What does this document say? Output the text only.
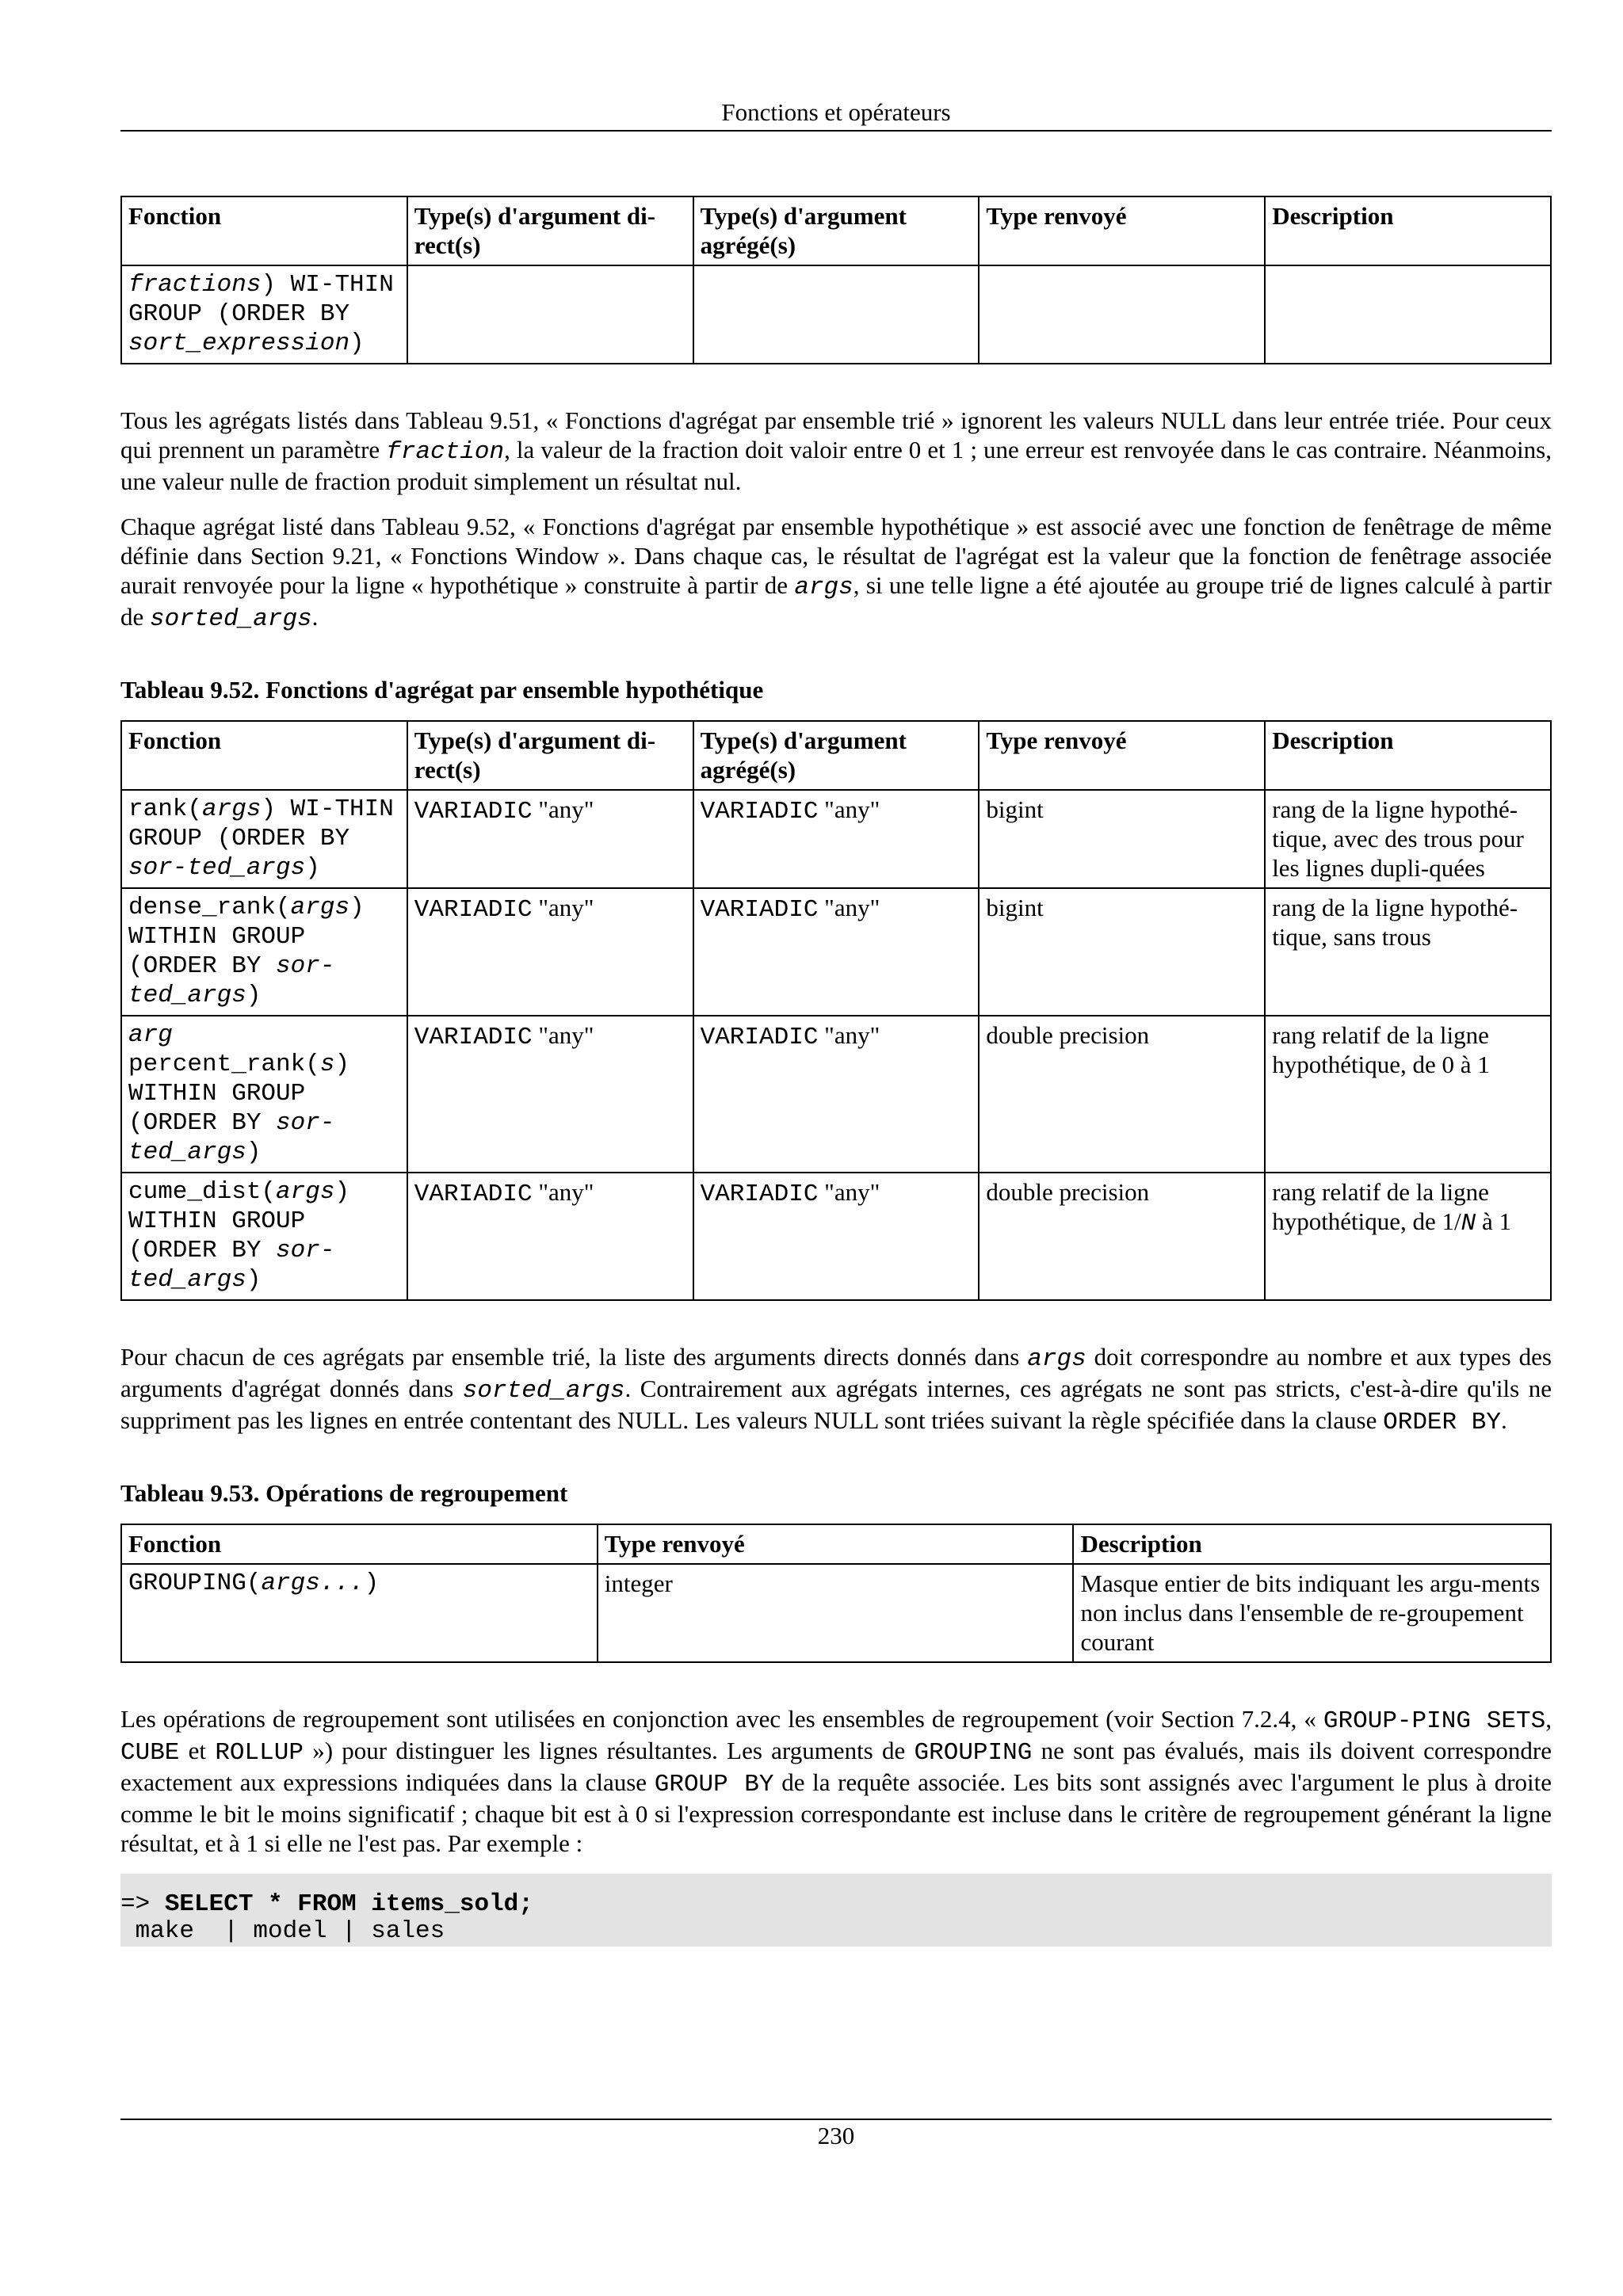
Fonctions et opérateurs
Fonction	Type(s) d'argument di-rect(s)	Type(s) d'argument agrégé(s)	Type renvoyé	Description
fractions) WI-THIN GROUP (ORDER BY sort_expression)				

Tous les agrégats listés dans Tableau 9.51, « Fonctions d'agrégat par ensemble trié » ignorent les valeurs NULL dans leur entrée triée. Pour ceux qui prennent un paramètre fraction, la valeur de la fraction doit valoir entre 0 et 1 ; une erreur est renvoyée dans le cas contraire. Néanmoins, une valeur nulle de fraction produit simplement un résultat nul.

Chaque agrégat listé dans Tableau 9.52, « Fonctions d'agrégat par ensemble hypothétique » est associé avec une fonction de fenêtrage de même définie dans Section 9.21, « Fonctions Window ». Dans chaque cas, le résultat de l'agrégat est la valeur que la fonction de fenêtrage associée aurait renvoyée pour la ligne « hypothétique » construite à partir de args, si une telle ligne a été ajoutée au groupe trié de lignes calculé à partir de sorted_args.

Tableau 9.52. Fonctions d'agrégat par ensemble hypothétique
Fonction	Type(s) d'argument di-rect(s)	Type(s) d'argument agrégé(s)	Type renvoyé	Description
rank(args) WI-THIN GROUP (ORDER BY sor-ted_args)	VARIADIC "any"	VARIADIC "any"	bigint	rang de la ligne hypothé-tique, avec des trous pour les lignes dupli-quées
dense_rank(args) WITHIN GROUP (ORDER BY sor-ted_args)	VARIADIC "any"	VARIADIC "any"	bigint	rang de la ligne hypothé-tique, sans trous
arg percent_rank(s) WITHIN GROUP (ORDER BY sor-ted_args)	VARIADIC "any"	VARIADIC "any"	double precision	rang relatif de la ligne hypothétique, de 0 à 1
cume_dist(args) WITHIN GROUP (ORDER BY sor-ted_args)	VARIADIC "any"	VARIADIC "any"	double precision	rang relatif de la ligne hypothétique, de 1/N à 1

Pour chacun de ces agrégats par ensemble trié, la liste des arguments directs donnés dans args doit correspondre au nombre et aux types des arguments d'agrégat donnés dans sorted_args. Contrairement aux agrégats internes, ces agrégats ne sont pas stricts, c'est-à-dire qu'ils ne suppriment pas les lignes en entrée contentant des NULL. Les valeurs NULL sont triées suivant la règle spécifiée dans la clause ORDER BY.

Tableau 9.53. Opérations de regroupement
Fonction	Type renvoyé	Description
GROUPING(args...)	integer	Masque entier de bits indiquant les argu-ments non inclus dans l'ensemble de re-groupement courant

Les opérations de regroupement sont utilisées en conjonction avec les ensembles de regroupement (voir Section 7.2.4, « GROUP-PING SETS, CUBE et ROLLUP ») pour distinguer les lignes résultantes. Les arguments de GROUPING ne sont pas évalués, mais ils doivent correspondre exactement aux expressions indiquées dans la clause GROUP BY de la requête associée. Les bits sont assignés avec l'argument le plus à droite comme le bit le moins significatif ; chaque bit est à 0 si l'expression correspondante est incluse dans le critère de regroupement générant la ligne résultat, et à 1 si elle ne l'est pas. Par exemple :

=> SELECT * FROM items_sold;
make  | model | sales
230
